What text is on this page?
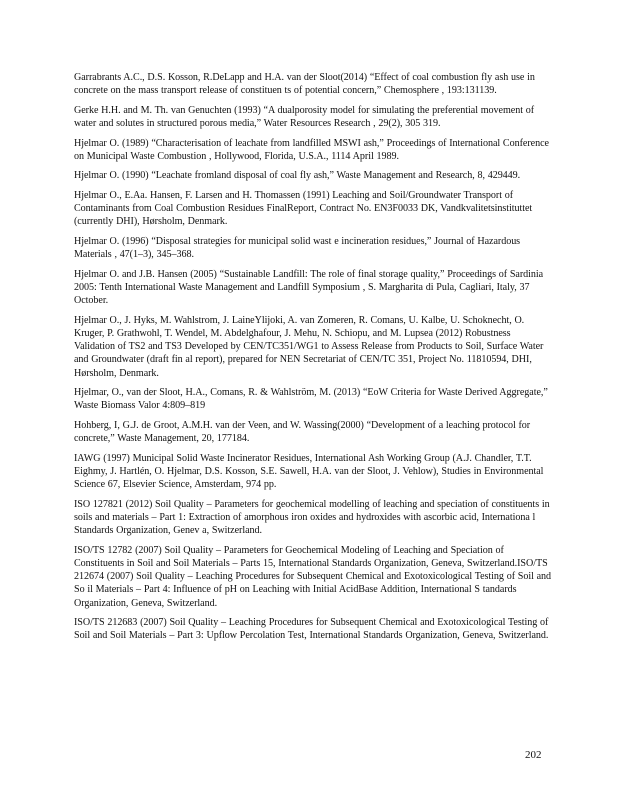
Garrabrants A.C., D.S. Kosson, R.DeLapp and H.A. van der Sloot(2014) “Effect of coal combustion fly ash use in concrete on the mass transport release of constituen ts of potential concern,” Chemosphere , 193:131139.

Gerke H.H. and M. Th. van Genuchten (1993) “A dualporosity model for simulating the preferential movement of water and solutes in structured porous media,” Water Resources Research , 29(2), 305 319.

Hjelmar O. (1989) “Characterisation of leachate from landfilled MSWI ash,” Proceedings of International Conference on Municipal Waste Combustion , Hollywood, Florida, U.S.A., 1114 April 1989.

Hjelmar O. (1990) “Leachate fromland disposal of coal fly ash,” Waste Management and Research, 8, 429449.

Hjelmar O., E.Aa. Hansen, F. Larsen and H. Thomassen (1991) Leaching and Soil/Groundwater Transport of Contaminants from Coal Combustion Residues FinalReport, Contract No. EN3F0033 DK, Vandkvalitetsinstituttet (currently DHI), Hørsholm, Denmark.

Hjelmar O. (1996) “Disposal strategies for municipal solid wast e incineration residues,” Journal of Hazardous Materials , 47(1–3), 345–368.

Hjelmar O. and J.B. Hansen (2005) “Sustainable Landfill: The role of final storage quality,” Proceedings of Sardinia 2005: Tenth International Waste Management and Landfill Symposium , S. Margharita di Pula, Cagliari, Italy, 37 October.

Hjelmar O., J. Hyks, M. Wahlstrom, J. LaineYlijoki, A. van Zomeren, R. Comans, U. Kalbe, U. Schoknecht, O. Kruger, P. Grathwohl, T. Wendel, M. Abdelghafour, J. Mehu, N. Schiopu, and M. Lupsea (2012) Robustness Validation of TS2 and TS3 Developed by CEN/TC351/WG1 to Assess Release from Products to Soil, Surface Water and Groundwater (draft fin al report), prepared for NEN Secretariat of CEN/TC 351, Project No. 11810594, DHI, Hørsholm, Denmark.

Hjelmar, O., van der Sloot, H.A., Comans, R. & Wahlström, M. (2013) “EoW Criteria for Waste Derived Aggregate,” Waste Biomass Valor 4:809–819

Hohberg, I, G.J. de Groot, A.M.H. van der Veen, and W. Wassing(2000) “Development of a leaching protocol for concrete,” Waste Management, 20, 177184.

IAWG (1997) Municipal Solid Waste Incinerator Residues, International Ash Working Group (A.J. Chandler, T.T. Eighmy, J. Hartlén, O. Hjelmar, D.S. Kosson, S.E. Sawell, H.A. van der Sloot, J. Vehlow), Studies in Environmental Science 67, Elsevier Science, Amsterdam, 974 pp.

ISO 127821 (2012) Soil Quality – Parameters for geochemical modelling of leaching and speciation of constituents in soils and materials – Part 1: Extraction of amorphous iron oxides and hydroxides with ascorbic acid, Internationa l Standards Organization, Genev a, Switzerland.

ISO/TS 12782 (2007) Soil Quality – Parameters for Geochemical Modeling of Leaching and Speciation of Constituents in Soil and Soil Materials – Parts 15, International Standards Organization, Geneva, Switzerland.ISO/TS 212674 (2007) Soil Quality – Leaching Procedures for Subsequent Chemical and Exotoxicological Testing of Soil and So il Materials – Part 4: Influence of pH on Leaching with Initial AcidBase Addition, International S tandards Organization, Geneva, Switzerland.

ISO/TS 212683 (2007) Soil Quality – Leaching Procedures for Subsequent Chemical and Exotoxicological Testing of Soil and Soil Materials – Part 3: Upflow Percolation Test, International Standards Organization, Geneva, Switzerland.

202
